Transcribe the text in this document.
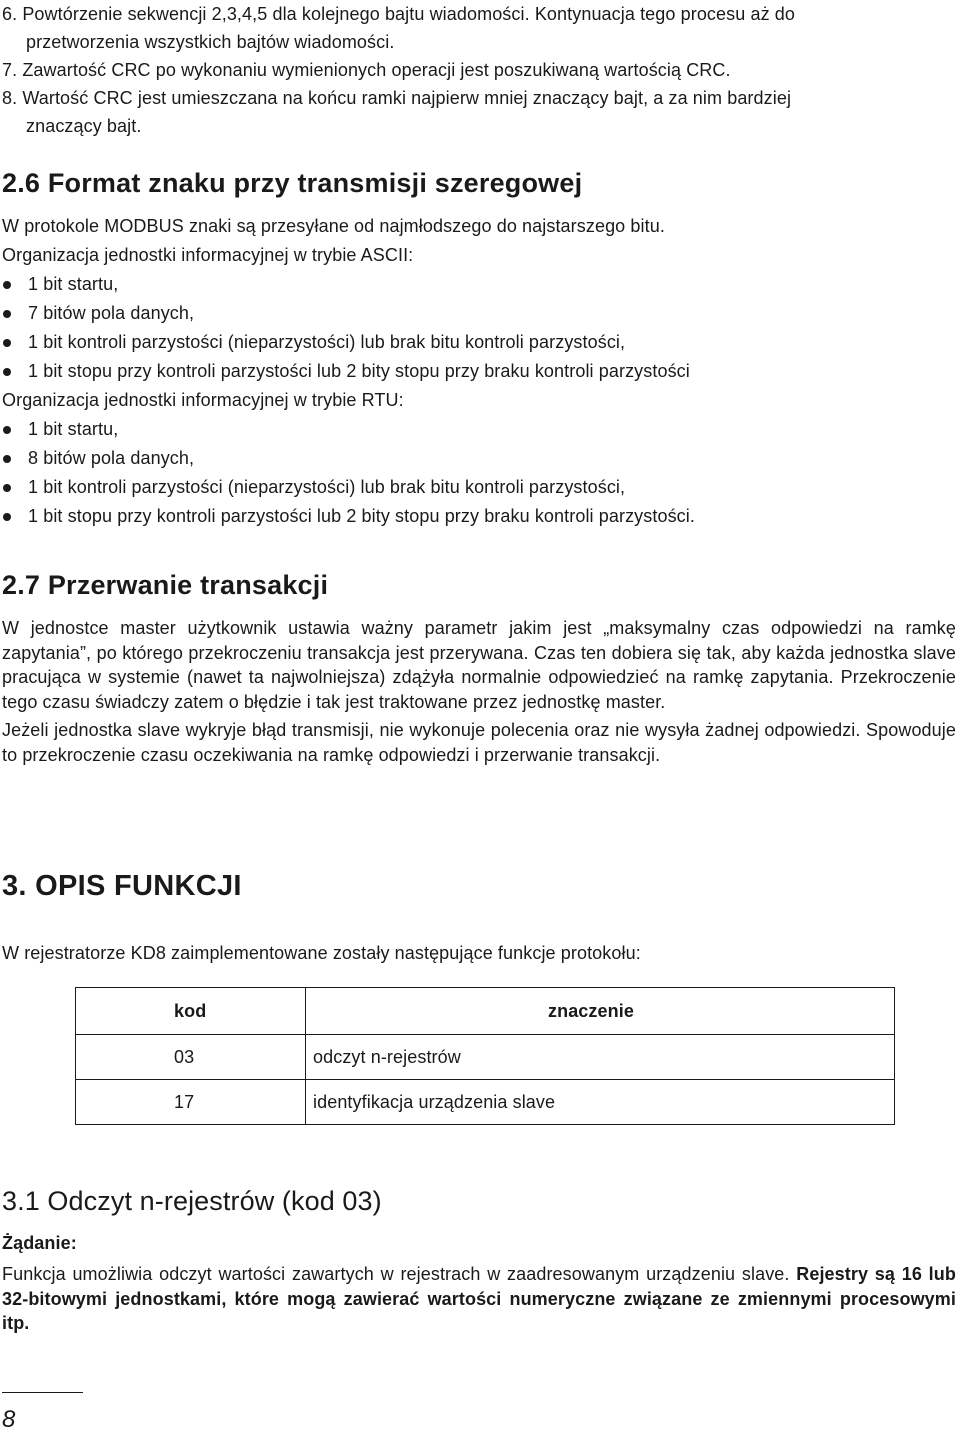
6. Powtórzenie sekwencji 2,3,4,5 dla kolejnego bajtu wiadomości. Kontynuacja tego procesu aż do

przetworzenia wszystkich bajtów wiadomości.

7. Zawartość CRC po wykonaniu wymienionych operacji jest poszukiwaną wartością CRC.

8. Wartość CRC jest umieszczana na końcu ramki najpierw mniej znaczący bajt, a za nim bardziej

znaczący bajt.

2.6 Format znaku przy transmisji szeregowej

W protokole MODBUS znaki są przesyłane od najmłodszego do najstarszego bitu.

Organizacja jednostki informacyjnej w trybie ASCII:

1 bit startu,
7 bitów pola danych,
1 bit kontroli parzystości (nieparzystości) lub brak bitu kontroli parzystości,
1 bit stopu przy kontroli parzystości lub 2 bity stopu przy braku kontroli parzystości

Organizacja jednostki informacyjnej w trybie RTU:

1 bit startu,
8 bitów pola danych,
1 bit kontroli parzystości (nieparzystości) lub brak bitu kontroli parzystości,
1 bit stopu przy kontroli parzystości lub 2 bity stopu przy braku kontroli parzystości.
2.7 Przerwanie transakcji

W jednostce master użytkownik ustawia ważny parametr jakim jest „maksymalny czas odpowiedzi na ramkę zapytania”, po którego przekroczeniu transakcja jest przerywana. Czas ten dobiera się tak, aby każda jednostka slave pracująca w systemie (nawet ta najwolniejsza) zdążyła normalnie odpowiedzieć na ramkę zapytania. Przekroczenie tego czasu świadczy zatem o błędzie i tak jest traktowane przez jednostkę master.

Jeżeli jednostka slave wykryje błąd transmisji, nie wykonuje polecenia oraz nie wysyła żadnej odpowiedzi. Spowoduje to przekroczenie czasu oczekiwania na ramkę odpowiedzi i przerwanie transakcji.

3. OPIS FUNKCJI

W rejestratorze KD8 zaimplementowane zostały następujące funkcje protokołu:

kod	znaczenie
03	odczyt n-rejestrów
17	identyfikacja urządzenia slave
3.1 Odczyt n-rejestrów (kod 03)

Żądanie:

Funkcja umożliwia odczyt wartości zawartych w rejestrach w zaadresowanym urządzeniu slave. Rejestry są 16 lub 32-bitowymi jednostkami, które mogą zawierać wartości numeryczne związane ze zmiennymi procesowymi itp.

8
